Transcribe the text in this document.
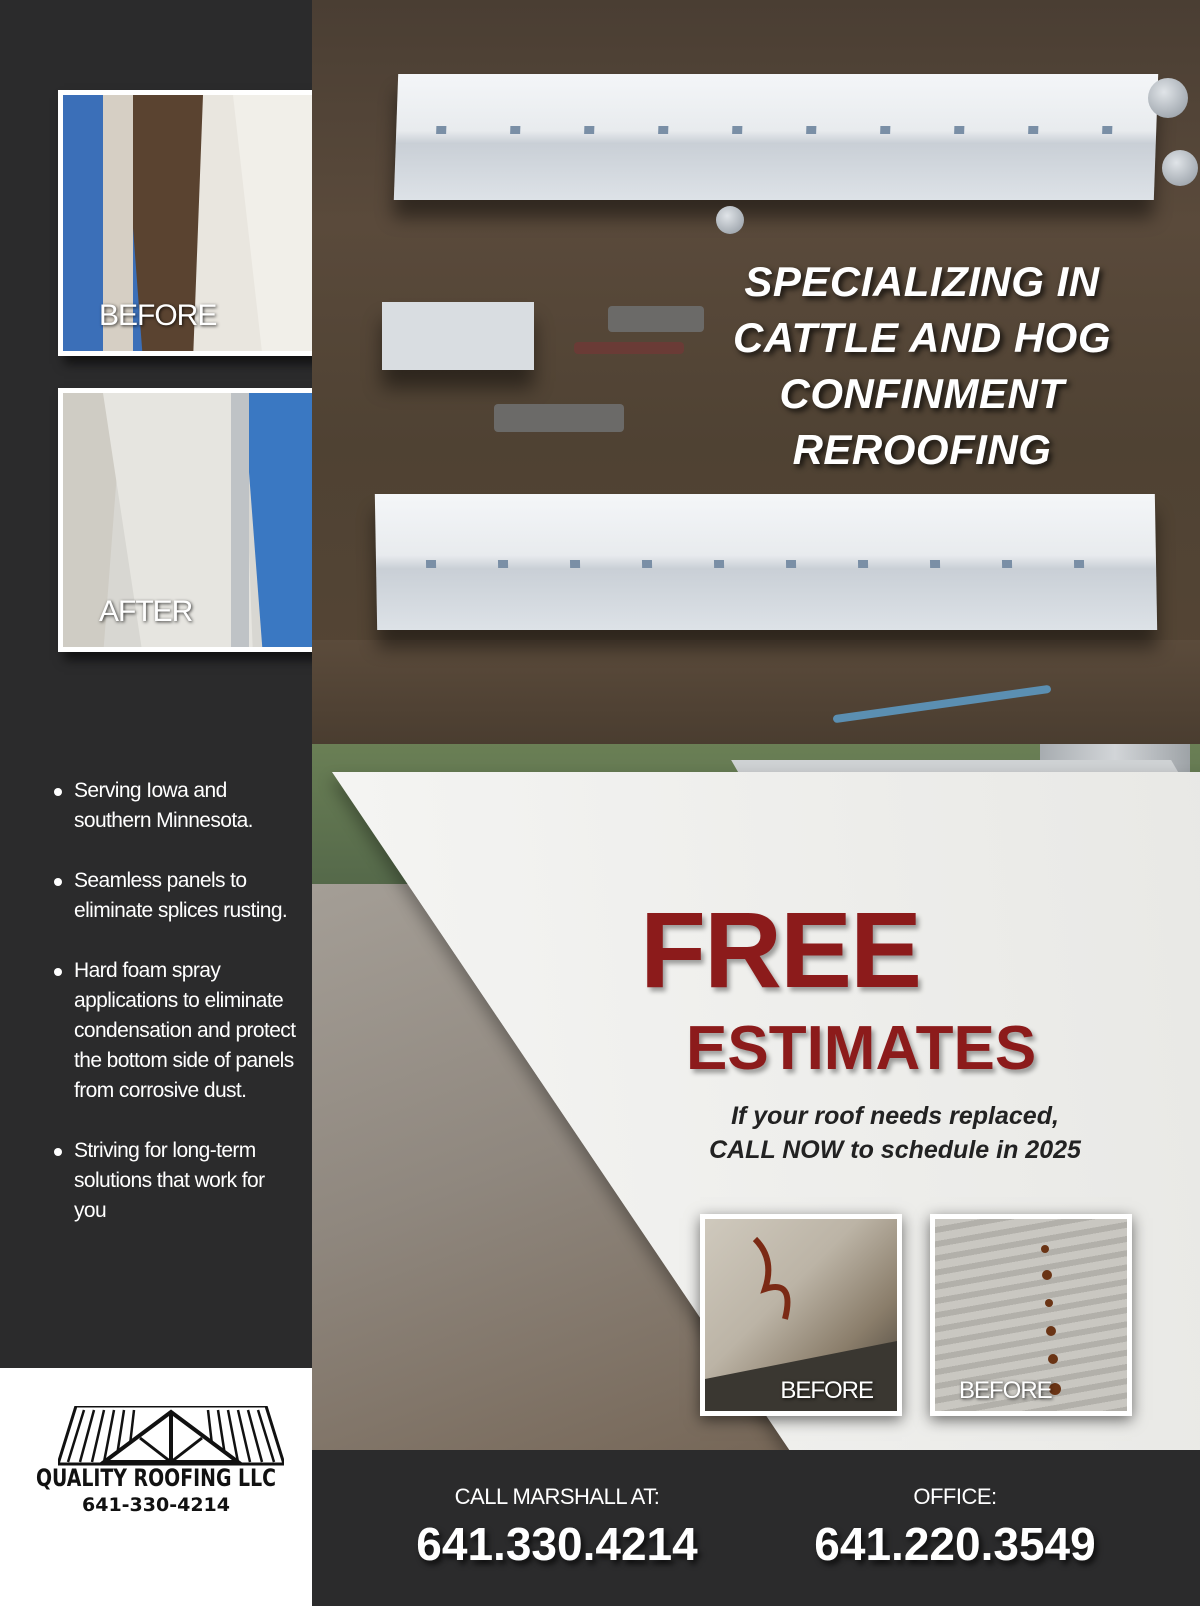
BEFORE
AFTER
Serving Iowa and southern Minnesota.
Seamless panels to eliminate splices rusting.
Hard foam spray applications to eliminate condensation and protect the bottom side of panels from corrosive dust.
Striving for long-term solutions that work for you
QUALITY ROOFING LLC
641-330-4214
SPECIALIZING IN
CATTLE AND HOG
CONFINMENT
REROOFING
FREE
ESTIMATES
If your roof needs replaced,
CALL NOW to schedule in 2025
BEFORE	BEFORE
CALL MARSHALL AT:
641.330.4214
OFFICE:
641.220.3549
